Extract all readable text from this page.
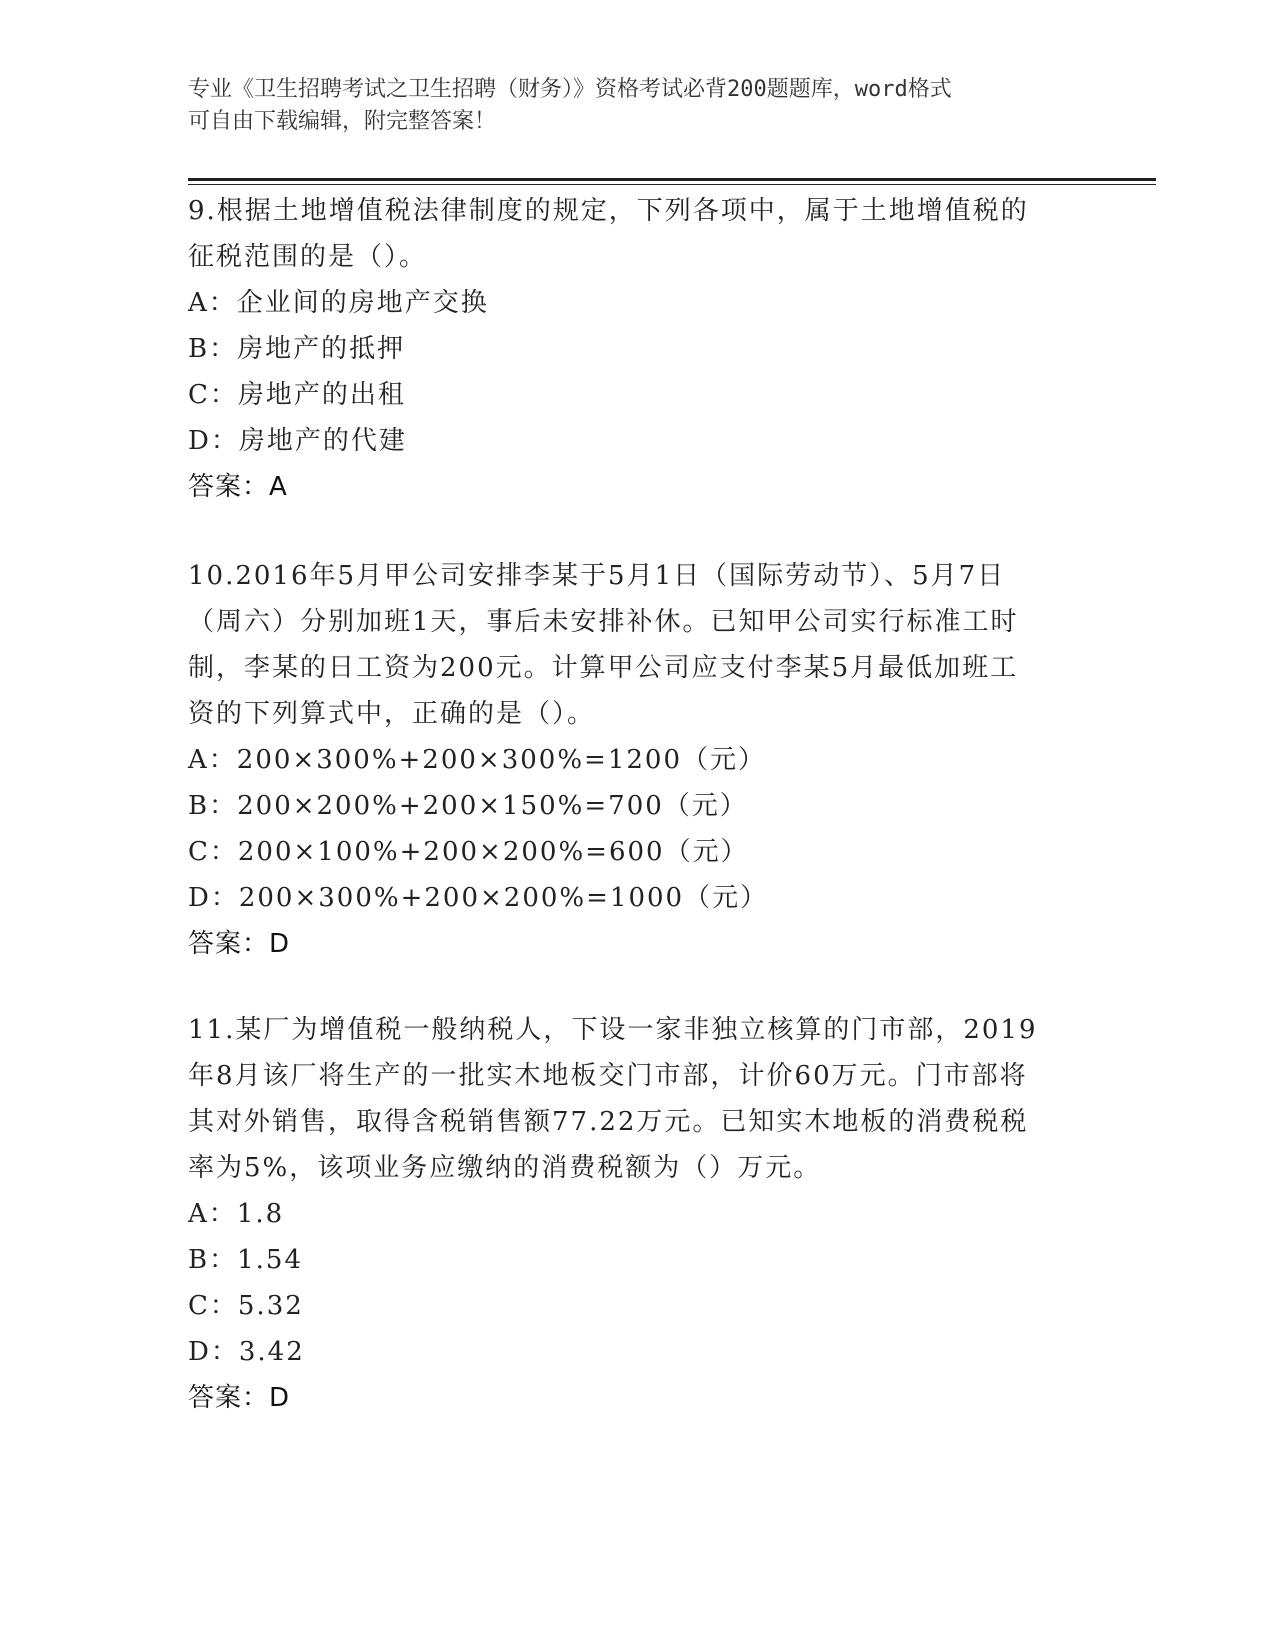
专业《卫生招聘考试之卫生招聘（财务）》资格考试必背200题题库，word格式
可自由下载编辑，附完整答案！
9.根据土地增值税法律制度的规定，下列各项中，属于土地增值税的
征税范围的是（）。
A：企业间的房地产交换
B：房地产的抵押
C：房地产的出租
D：房地产的代建
答案：A
10.2016年5月甲公司安排李某于5月1日（国际劳动节）、5月7日
（周六）分别加班1天，事后未安排补休。已知甲公司实行标准工时
制，李某的日工资为200元。计算甲公司应支付李某5月最低加班工
资的下列算式中，正确的是（）。
A：200×300%+200×300%=1200（元）
B：200×200%+200×150%=700（元）
C：200×100%+200×200%=600（元）
D：200×300%+200×200%=1000（元）
答案：D
11.某厂为增值税一般纳税人，下设一家非独立核算的门市部，2019
年8月该厂将生产的一批实木地板交门市部，计价60万元。门市部将
其对外销售，取得含税销售额77.22万元。已知实木地板的消费税税
率为5%，该项业务应缴纳的消费税额为（）万元。
A：1.8
B：1.54
C：5.32
D：3.42
答案：D
